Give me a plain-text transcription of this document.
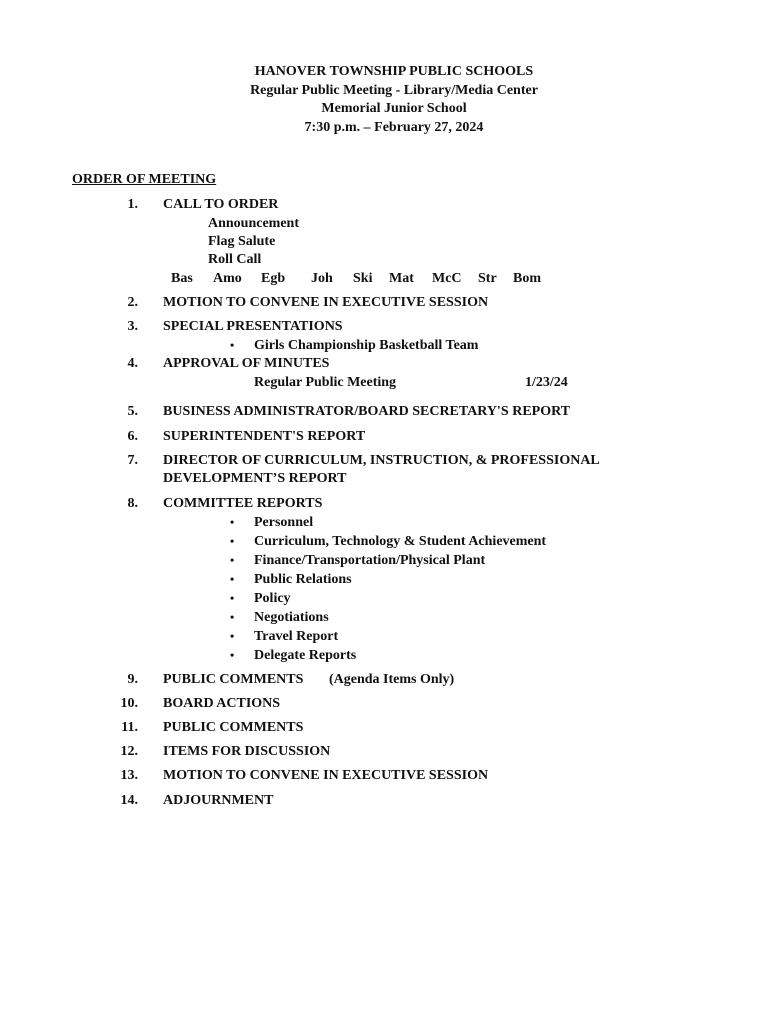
HANOVER TOWNSHIP PUBLIC SCHOOLS
Regular Public Meeting - Library/Media Center
Memorial Junior School
7:30 p.m. – February 27, 2024
ORDER OF MEETING
1. CALL TO ORDER
Announcement
Flag Salute
Roll Call
Bas Amo Egb Joh Ski Mat McC Str Bom
2. MOTION TO CONVENE IN EXECUTIVE SESSION
3. SPECIAL PRESENTATIONS
• Girls Championship Basketball Team
4. APPROVAL OF MINUTES
Regular Public Meeting	1/23/24
5. BUSINESS ADMINISTRATOR/BOARD SECRETARY'S REPORT
6. SUPERINTENDENT'S REPORT
7. DIRECTOR OF CURRICULUM, INSTRUCTION, & PROFESSIONAL
DEVELOPMENT’S REPORT
8. COMMITTEE REPORTS
• Personnel
• Curriculum, Technology & Student Achievement
• Finance/Transportation/Physical Plant
• Public Relations
• Policy
• Negotiations
• Travel Report
• Delegate Reports
9. PUBLIC COMMENTS (Agenda Items Only)
10. BOARD ACTIONS
11. PUBLIC COMMENTS
12. ITEMS FOR DISCUSSION
13. MOTION TO CONVENE IN EXECUTIVE SESSION
14. ADJOURNMENT
